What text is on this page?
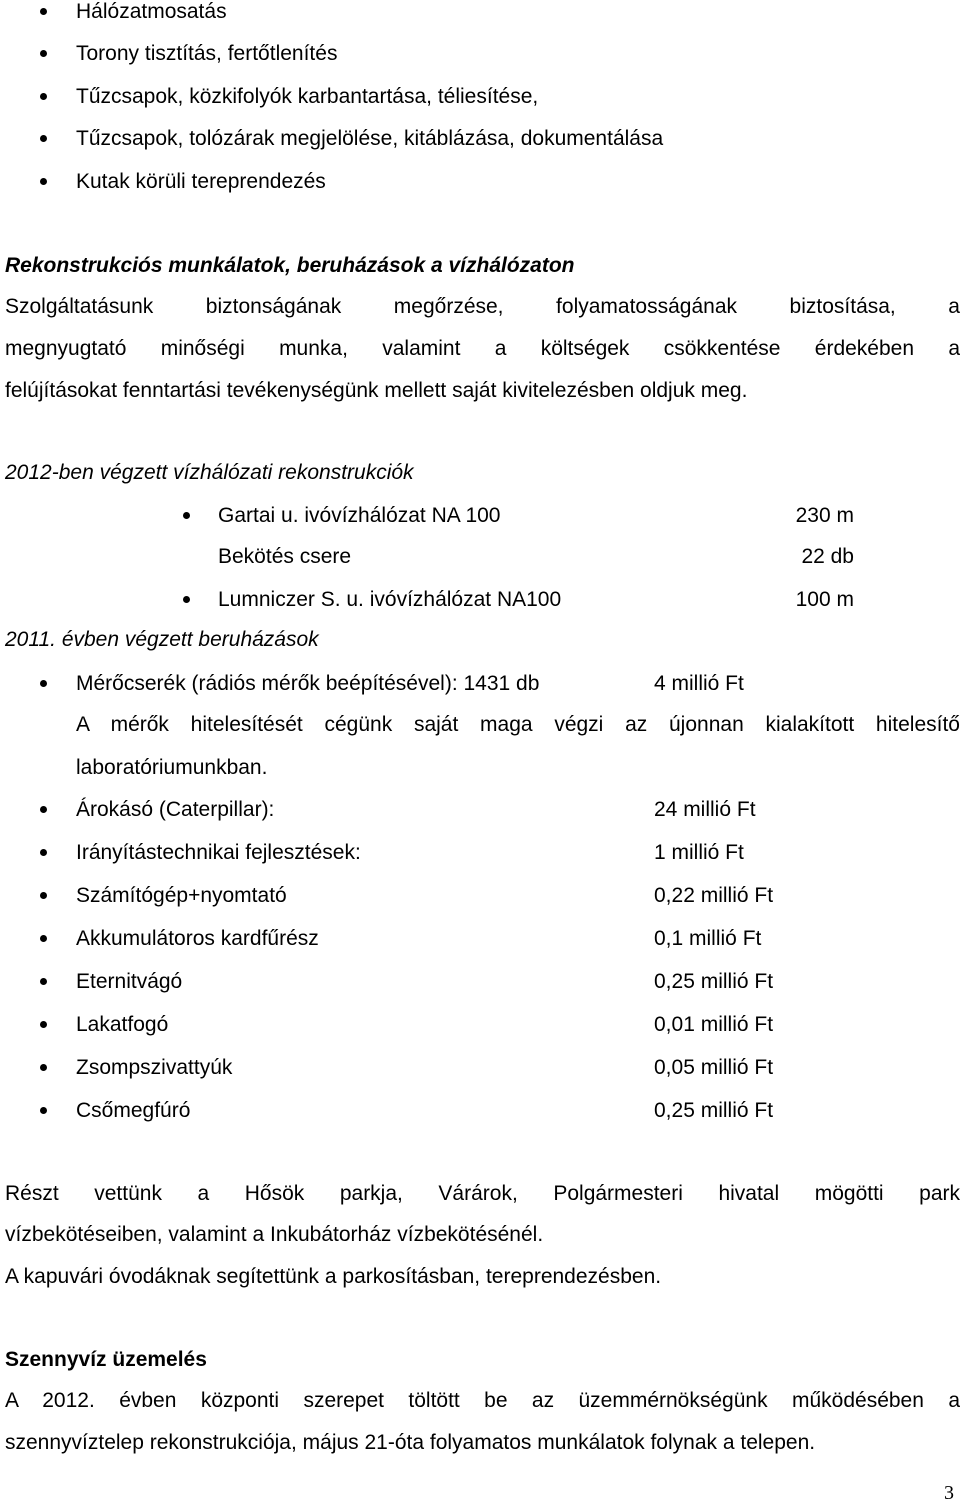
Hálózatmosatás
Torony tisztítás, fertőtlenítés
Tűzcsapok, közkifolyók karbantartása, téliesítése,
Tűzcsapok, tolózárak megjelölése, kitáblázása, dokumentálása
Kutak körüli tereprendezés
Rekonstrukciós munkálatok, beruházások a vízhálózaton
Szolgáltatásunk biztonságának megőrzése, folyamatosságának biztosítása, a
megnyugtató minőségi munka, valamint a költségek csökkentése érdekében a
felújításokat fenntartási tevékenységünk mellett saját kivitelezésben oldjuk meg.
2012-ben végzett vízhálózati rekonstrukciók
Gartai u. ivóvízhálózat NA 100	230 m
Bekötés csere	22 db
Lumniczer S. u. ivóvízhálózat NA100	100 m
2011. évben végzett beruházások
Mérőcserék (rádiós mérők beépítésével): 1431 db	4 millió Ft
A mérők hitelesítését cégünk saját maga végzi az újonnan kialakított hitelesítő
laboratóriumunkban.
Árokásó (Caterpillar):	24 millió Ft
Irányítástechnikai fejlesztések:	1 millió Ft
Számítógép+nyomtató	0,22 millió Ft
Akkumulátoros kardfűrész	0,1 millió Ft
Eternitvágó	0,25 millió Ft
Lakatfogó	0,01 millió Ft
Zsompszivattyúk	0,05 millió Ft
Csőmegfúró	0,25 millió Ft
Részt vettünk a Hősök parkja, Várárok, Polgármesteri hivatal mögötti park
vízbekötéseiben, valamint a Inkubátorház vízbekötésénél.
A kapuvári óvodáknak segítettünk a parkosításban, tereprendezésben.
Szennyvíz üzemelés
A 2012. évben központi szerepet töltött be az üzemmérnökségünk működésében a
szennyvíztelep rekonstrukciója, május 21-óta folyamatos munkálatok folynak a telepen.
3
